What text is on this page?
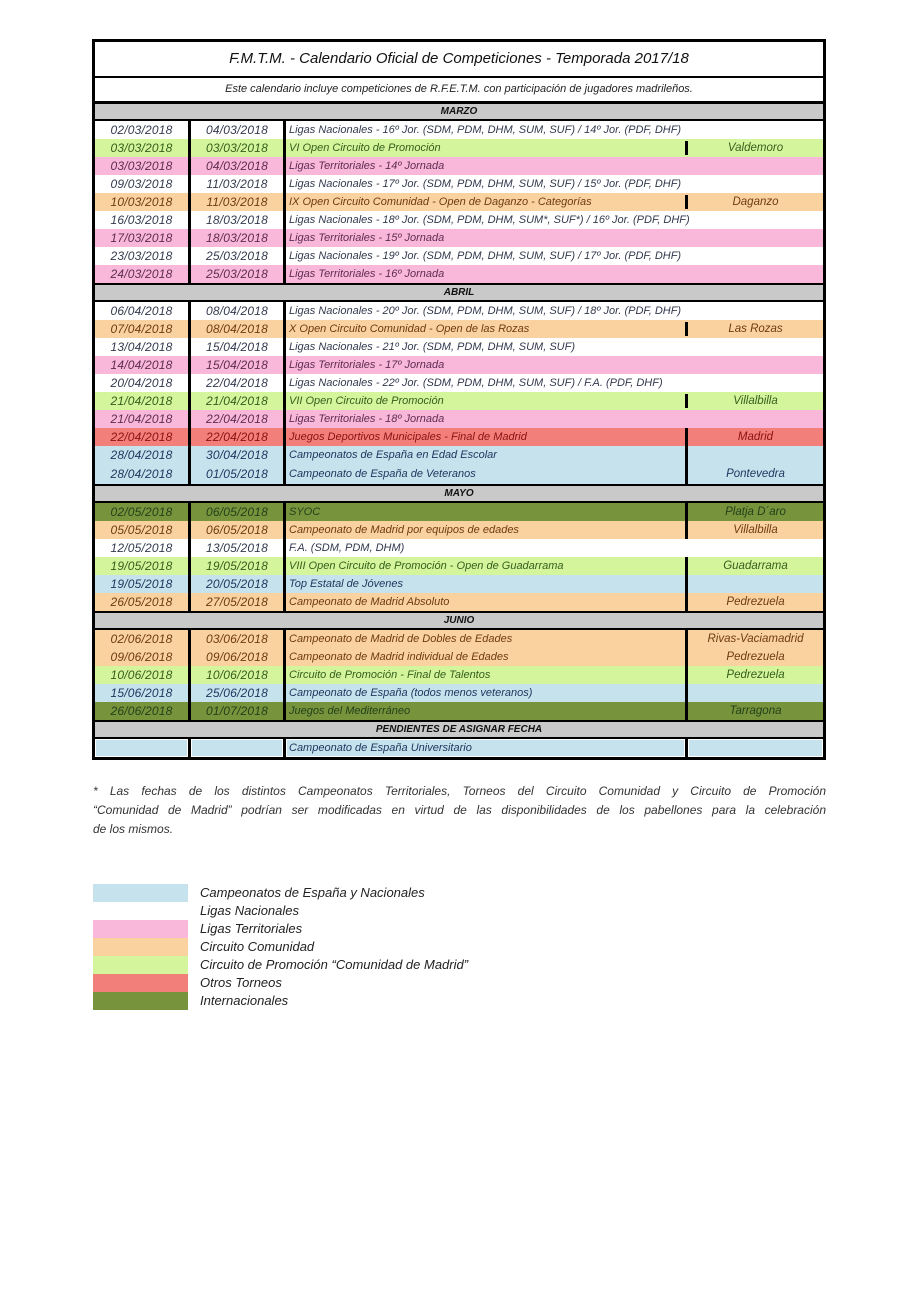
F.M.T.M. - Calendario Oficial de Competiciones - Temporada 2017/18
Este calendario incluye competiciones de R.F.E.T.M. con participación de jugadores madrileños.
MARZO
02/03/2018	04/03/2018	Ligas Nacionales - 16º Jor. (SDM, PDM, DHM, SUM, SUF) / 14º Jor. (PDF, DHF)
03/03/2018	03/03/2018	VI Open Circuito de Promoción	Valdemoro
03/03/2018	04/03/2018	Ligas Territoriales - 14º Jornada
09/03/2018	11/03/2018	Ligas Nacionales - 17º Jor. (SDM, PDM, DHM, SUM, SUF) / 15º Jor. (PDF, DHF)
10/03/2018	11/03/2018	IX Open Circuito Comunidad - Open de Daganzo - Categorías	Daganzo
16/03/2018	18/03/2018	Ligas Nacionales - 18º Jor. (SDM, PDM, DHM, SUM*, SUF*) / 16º Jor. (PDF, DHF)
17/03/2018	18/03/2018	Ligas Territoriales - 15º Jornada
23/03/2018	25/03/2018	Ligas Nacionales - 19º Jor. (SDM, PDM, DHM, SUM, SUF) / 17º Jor. (PDF, DHF)
24/03/2018	25/03/2018	Ligas Territoriales - 16º Jornada
ABRIL
06/04/2018	08/04/2018	Ligas Nacionales - 20º Jor. (SDM, PDM, DHM, SUM, SUF) / 18º Jor. (PDF, DHF)
07/04/2018	08/04/2018	X Open Circuito Comunidad - Open de las Rozas	Las Rozas
13/04/2018	15/04/2018	Ligas Nacionales - 21º Jor. (SDM, PDM, DHM, SUM, SUF)
14/04/2018	15/04/2018	Ligas Territoriales - 17º Jornada
20/04/2018	22/04/2018	Ligas Nacionales - 22º Jor. (SDM, PDM, DHM, SUM, SUF) / F.A. (PDF, DHF)
21/04/2018	21/04/2018	VII Open Circuito de Promoción	Villalbilla
21/04/2018	22/04/2018	Ligas Territoriales - 18º Jornada
22/04/2018	22/04/2018	Juegos Deportivos Municipales - Final de Madrid	Madrid
28/04/2018	30/04/2018	Campeonatos de España en Edad Escolar
28/04/2018	01/05/2018	Campeonato de España de Veteranos	Pontevedra
MAYO
02/05/2018	06/05/2018	SYOC	Platja D´aro
05/05/2018	06/05/2018	Campeonato de Madrid por equipos de edades	Villalbilla
12/05/2018	13/05/2018	F.A. (SDM, PDM, DHM)
19/05/2018	19/05/2018	VIII Open Circuito de Promoción - Open de Guadarrama	Guadarrama
19/05/2018	20/05/2018	Top Estatal de Jóvenes
26/05/2018	27/05/2018	Campeonato de Madrid Absoluto	Pedrezuela
JUNIO
02/06/2018	03/06/2018	Campeonato de Madrid de Dobles de Edades	Rivas-Vaciamadrid
09/06/2018	09/06/2018	Campeonato de Madrid individual de Edades	Pedrezuela
10/06/2018	10/06/2018	Circuito de Promoción - Final de Talentos	Pedrezuela
15/06/2018	25/06/2018	Campeonato de España (todos menos veteranos)
26/06/2018	01/07/2018	Juegos del Mediterráneo	Tarragona
PENDIENTES DE ASIGNAR FECHA
Campeonato de España Universitario
* Las fechas de los distintos Campeonatos Territoriales, Torneos del Circuito Comunidad y Circuito de Promoción
“Comunidad de Madrid” podrían ser modificadas en virtud de las disponibilidades de los pabellones para la celebración
de los mismos.
Campeonatos de España y Nacionales
Ligas Nacionales
Ligas Territoriales
Circuito Comunidad
Circuito de Promoción “Comunidad de Madrid”
Otros Torneos
Internacionales
